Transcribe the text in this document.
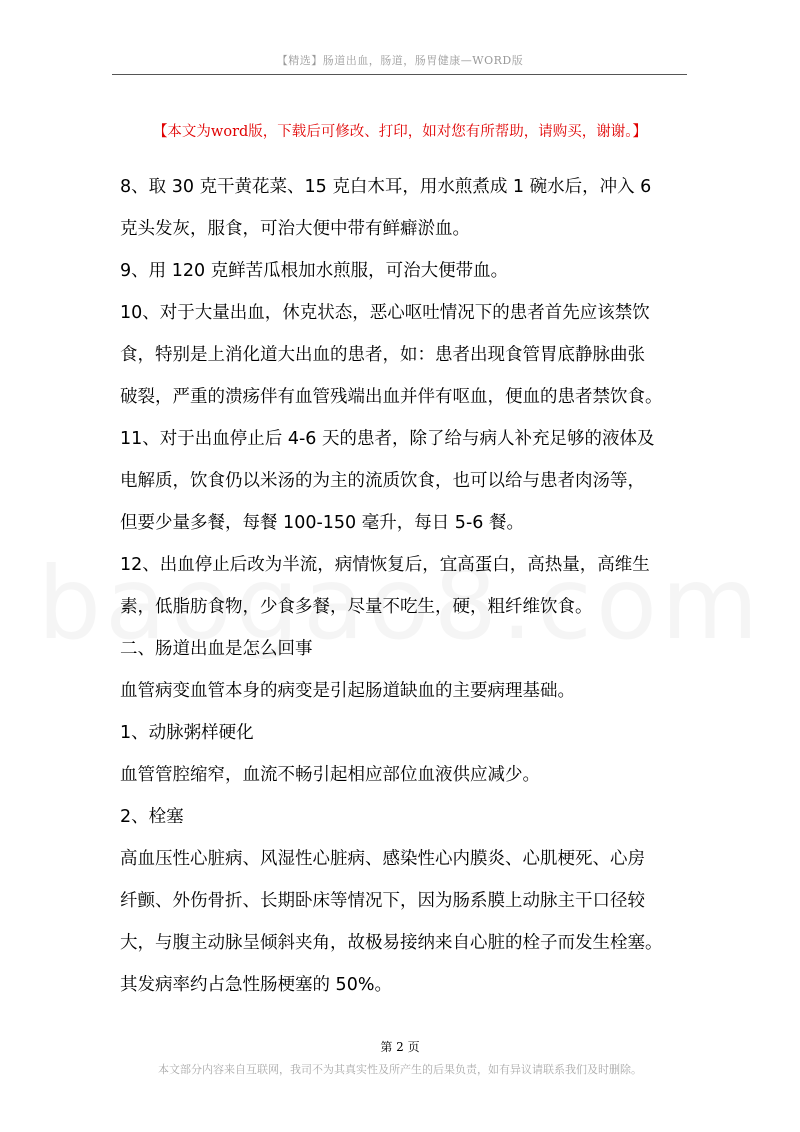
【精选】肠道出血，肠道，肠胃健康—WORD版
【本文为word版，下载后可修改、打印，如对您有所帮助，请购买，谢谢。】

8、取 30 克干黄花菜、15 克白木耳，用水煎煮成 1 碗水后，冲入 6
克头发灰，服食，可治大便中带有鲜癖淤血。

9、用 120 克鲜苦瓜根加水煎服，可治大便带血。

10、对于大量出血，休克状态，恶心呕吐情况下的患者首先应该禁饮
食，特别是上消化道大出血的患者，如：患者出现食管胃底静脉曲张
破裂，严重的溃疡伴有血管残端出血并伴有呕血，便血的患者禁饮食。

11、对于出血停止后 4-6 天的患者，除了给与病人补充足够的液体及
电解质，饮食仍以米汤的为主的流质饮食，也可以给与患者肉汤等，
但要少量多餐，每餐 100-150 毫升，每日 5-6 餐。

12、出血停止后改为半流，病情恢复后，宜高蛋白，高热量，高维生
素，低脂肪食物，少食多餐，尽量不吃生，硬，粗纤维饮食。

二、肠道出血是怎么回事

血管病变血管本身的病变是引起肠道缺血的主要病理基础。

1、动脉粥样硬化

血管管腔缩窄，血流不畅引起相应部位血液供应减少。

2、栓塞

高血压性心脏病、风湿性心脏病、感染性心内膜炎、心肌梗死、心房
纤颤、外伤骨折、长期卧床等情况下，因为肠系膜上动脉主干口径较
大，与腹主动脉呈倾斜夹角，故极易接纳来自心脏的栓子而发生栓塞。
其发病率约占急性肠梗塞的 50%。

第 2 页
本文部分内容来自互联网，我司不为其真实性及所产生的后果负责，如有异议请联系我们及时删除。
